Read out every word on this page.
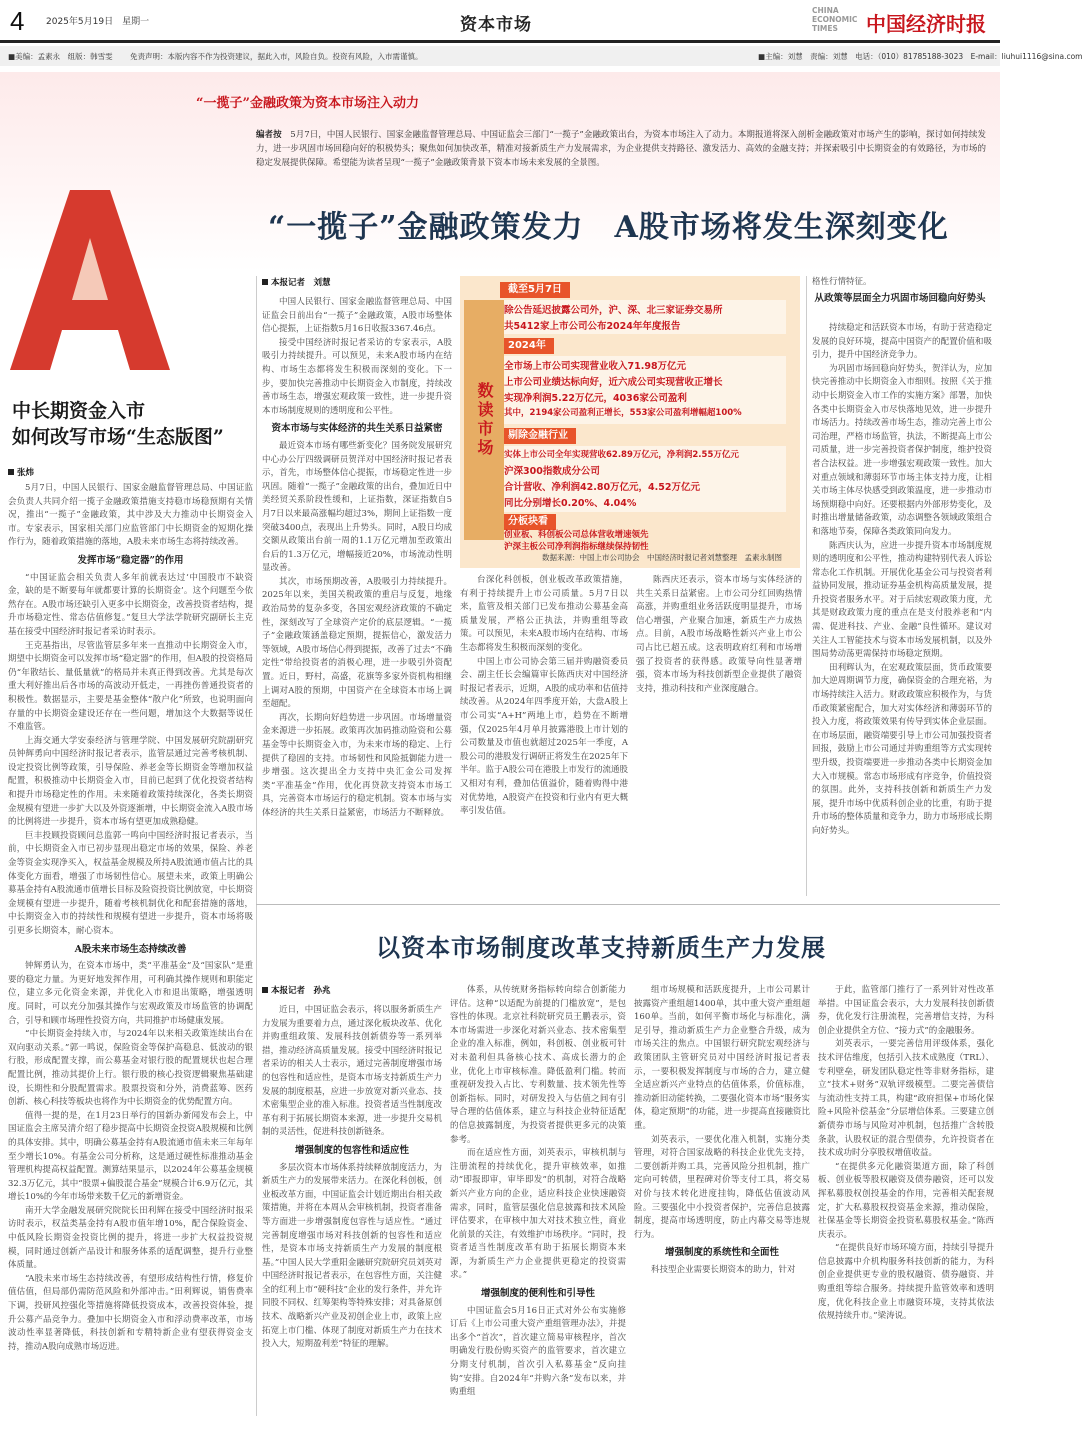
4 2025年5月19日　星期一	资本市场
CHINA ECONOMIC TIMES	中国经济时报
■美编：孟素永　组版：韩雪雯 免责声明：本版内容不作为投资建议，据此入市，风险自负。投资有风险，入市需谨慎。	■主编：刘慧　责编：刘慧　电话：（010）81785188-3023　E-mail：liuhui1116@sina.com
“一揽子”金融政策为资本市场注入动力
编者按　 5月7日，中国人民银行、国家金融监督管理总局、中国证监会三部门“一揽子”金融政策出台，为资本市场注入了动力。本期报道将深入剖析金融政策对市场产生的影响，探讨如何持续发力，进一步巩固市场回稳向好的积极势头；聚焦如何加快改革，精准对接新质生产力发展需求，为企业提供支持路径、激发活力、高效的金融支持；并探索吸引中长期资金的有效路径，为市场的稳定发展提供保障。希望能为读者呈现“一揽子”金融政策背景下资本市场未来发展的全景图。
“一揽子”金融政策发力　A股市场将发生深刻变化
中长期资金入市
如何改写市场“生态版图”
张炜

5月7日，中国人民银行、国家金融监督管理总局、中国证监会负责人共同介绍一揽子金融政策措施支持稳市场稳预期有关情况，推出“一揽子”金融政策，其中涉及大力推动中长期资金入市。专家表示，国家相关部门应监管部门中长期资金的短期化操作行为，随着政策措施的落地，A股未来市场生态将持续改善。

发挥市场“稳定器”的作用

“中国证监会相关负责人多年前就表达过‘中国股市不缺资金，缺的是不断要每年就都要计算的长期资金’。这个问题至今依然存在。A股市场还缺引入更多中长期资金，改善投资者结构，提升市场稳定性、常态估值修复。”复旦大学法学院研究副研长主克基在接受中国经济时报记者采访时表示。

王克基指出，尽管监管层多年来一直推动中长期资金入市，期望中长期资金可以发挥市场“稳定器”的作用，但A股的投资格局仍“年散结长、量低量就”的格局并未真正得到改善。尤其是每次重大利好推出后各市场的高波动开低走，一再挫伤普通投资者的积极性。数据显示，主要是基金整体“散户化”所致，也说明面向存量的中长期资金建设还存在一些问题，增加这个大数据等说任不难监管。

上海交通大学安泰经济与管理学院、中国发展研究院副研究员钟辉勇向中国经济时报记者表示，监管层通过完善考核机制、设定投资比例等政策，引导保险、养老金等长期资金等增加权益配置，积极推动中长期资金入市，目前已起到了优化投资者结构和提升市场稳定性的作用。未来随着政策持续深化，各类长期资金规模有望进一步扩大以及外资逐渐增，中长期资金流入A股市场的比例将进一步提升，资本市场有望更加成熟稳健。

巨丰投顾投资顾问总监郭一鸣向中国经济时报记者表示，当前，中长期资金入市已初步显现出稳定市场的效果，保险、养老金等资金实现净买入，权益基金规模及所持A股流通市值占比的具体变化方面看，增强了市场韧性信心。展望未来，政策上明确公募基金持有A股流通市值增长目标及险资投资比例放宽，中长期资金规模有望进一步提升，随着考核机制优化和配套措施的落地，中长期资金入市的持续性和规模有望进一步提升，资本市场将吸引更多长期资本，耐心资本。

A股未来市场生态持续改善

钟辉勇认为，在资本市场中，类“平准基金”及“国家队”是重要的稳定力量。为更好地发挥作用，可利确其操作规则和职能定位，建立多元化资金来源，并优化入市和退出策略，增强透明度。同时，可以充分加强其操作与宏观政策及市场监管的协调配合，引导和顾市场理性投资方向，共同推护市场健康发展。

“中长期资金持续入市，与2024年以来相关政策连续出台在双向驱动关系。”郭一鸣说，保险资金等保护高稳息、低波动的银行股，形成配置支撑，而公募基金对银行股的配置规状也起合理配置比例，推动其提价上行。银行股的核心投资逻辑聚焦基础建设，长期性和分股配置需求。股票投资和分外，消费蓝筹、医药创新、核心科技等板块也将作为中长期资金的优势配置方向。

值得一提的是，在1月23日举行的国新办新闻发布会上，中国证监会主席吴清介绍了稳步提高中长期资金投资A股规模和比例的具体安排。其中，明确公募基金持有A股流通市值未来三年每年至少增长10%。有基金公司分析称，这是通过硬性标准推动基金管理机构提高权益配置。测算结果显示，以2024年公募基金规模32.3万亿元，其中“股票+偏股混合基金”规模合计6.9万亿元，其增长10%的今年市场带来数千亿元的新增资金。

南开大学金融发展研究院院长田利辉在接受中国经济时报采访时表示，权益类基金持有A股市值年增10%，配合保险资金、中低风险长期资金投资比例的提升，将进一步扩大权益投资规模，同时通过创新产品设计和服务体系的适配调整，提升行业整体质量。

“A股未来市场生态持续改善，有望形成结构性行情，修复价值估值，但局部仍需防范风险和外部冲击。”田利辉说，销售费率下调，投研风控强化等措施将降低投资成本，改善投资体验，提升公募产品竞争力。叠加中长期资金入市和浮动费率改革，市场波动性率显著降低，科技创新和专精特新企业有望获得资金支持，推动A股向成熟市场迈进。

本报记者　刘慧

中国人民银行、国家金融监督管理总局、中国证监会日前出台“一揽子”金融政策，A股市场整体信心提振，上证指数5月16日收报3367.46点。

接受中国经济时报记者采访的专家表示，A股吸引力持续提升。可以预见，未来A股市场内在结构、市场生态都将发生积极而深刻的变化。下一步，要加快完善推动中长期资金入市制度，持续改善市场生态，增强宏观政策一致性，进一步提升资本市场制度规则的透明度和公平性。

资本市场与实体经济的共生关系日益紧密

最近资本市场有哪些新变化？国务院发展研究中心办公厅四级调研员贺洋对中国经济时报记者表示，首先，市场整体信心提振，市场稳定性进一步巩固。随着“一揽子”金融政策的出台，叠加近日中美经贸关系阶段性缓和，上证指数，深证指数自5月7日以来最高涨幅均超过3%，期间上证指数一度突破3400点，表现出上升势头。同时，A股日均成交额从政策出台前一周的1.1万亿元增加至政策出台后的1.3万亿元，增幅接近20%，市场流动性明显改善。

其次，市场预期改善，A股吸引力持续提升。2025年以来，美国关税政策的重启与反复，地缘政治局势的复杂多变，各国宏观经济政策的不确定性，深刻改写了全球资产定价的底层逻辑。“一揽子”金融政策涵盖稳定预期，提振信心，激发活力等领域，A股市场信心得到提振，改善了过去“不确定性”带给投资者的消极心理，进一步吸引外资配置。近日，野村，高盛，花旗等多家外资机构相继上调对A股的预期，中国资产在全球资本市场上调至超配。

再次，长期向好趋势进一步巩固。市场增量资金来源进一步拓展。政策再次加码推动险资和公募基金等中长期资金入市，为未来市场的稳定、上行提供了稳固的支持。市场韧性和风险抵御能力进一步增强。这次提出全力支持中央汇金公司发挥类“平准基金”作用，优化再贷款支持资本市场工具，完善资本市场运行的稳定机制。资本市场与实体经济的共生关系日益紧密，市场活力不断释放。

台深化科创板，创业板改革政策措施，有利于持续提升上市公司质量。5月7日以来，监管及相关部门已发布推动公募基金高质量发展，严格公正执法，并购重组等政策。可以预见，未来A股市场内在结构、市场生态都将发生积极而深刻的变化。

中国上市公司协会第三届并购融资委员会、副主任长会编篇审长陈西庆对中国经济时报记者表示，近期，A股的成功率和估值持续改善。从2024年四季度开始，大盘A股上市公司实“A+H”两地上市，趋势在不断增强，仅2025年4月单月披露港股上市计划的公司数量及市值也就超过2025年一季度，A股公司的港股发行调研正将发生在2025年下半年。监于A股公司在港股上市发行的流通股又相对有利，叠加估值溢价，随着购得中港对优势地，A股资产在投资和行业内有更大概率引发估值。

陈西庆还表示，资本市场与实体经济的共生关系日益紧密。上市公司分红回购热情高涨，并购重组业务活跃度明显提升，市场信心增强，产业聚合加速，新质生产力成热点。目前，A股市场战略性新兴产业上市公司占比已超五成。这表明政府红利和市场增强了投资者的获得感。政策导向性显著增强，资本市场为科技创新型企业提供了融资支持，推动科技和产业深度融合。

截至5月7日
除公告延迟披露公司外，沪、深、北三家证券交易所
共5412家上市公司公布2024年年度报告
2024年
全市场上市公司实现营业收入71.98万亿元
上市公司业绩达标向好，近六成公司实现营收正增长
实现净利润5.22万亿元，4036家公司盈利
其中，2194家公司盈利正增长，553家公司盈利增幅超100%
剔除金融行业
实体上市公司全年实现营收62.89万亿元，净利润2.55万亿元
沪深300指数成分公司
合计营收、净利润42.80万亿元，4.52万亿元
同比分别增长0.20%、4.04%
分板块看
创业板、科创板公司总体营收增速领先
沪深主板公司净利润指标继续保持韧性
数据来源：中国上市公司协会　中国经济时报记者刘慧整理　孟素永制图
数读市场
格性行情特征。
从政策等层面全力巩固市场回稳向好势头

持续稳定和活跃资本市场，有助于营造稳定发展的良好环境，提高中国资产的配置价值和吸引力，提升中国经济竞争力。

为巩固市场回稳向好势头，贺洋认为，应加快完善推动中长期资金入市细则。按照《关于推动中长期资金入市工作的实施方案》部署，加快各类中长期资金入市尽快落地见效，进一步提升市场活力。持续改善市场生态，推动完善上市公司治理，严格市场监管，执法，不断提高上市公司质量，进一步完善投资者保护制度，维护投资者合法权益。进一步增强宏观政策一致性。加大对重点领域和薄弱环节市场主体支持力度，让相关市场主体尽快感受到政策温度，进一步推动市场预期稳中向好。还要根据内外部形势变化，及时推出增量储备政策，动态调整各领域政策组合和落地节奏，保障各类政策同向发力。

陈西庆认为，应进一步提升资本市场制度规则的透明度和公平性，推动构建特别代表人诉讼常态化工作机制。开展优化基金公司与投资者利益协同发展，推动证券基金机构高质量发展，提升投资者服务水平。对于后续宏观政策力度，尤其是财政政策力度的重点在是支付股养老和“内需、促进科技、产业、金融”良性循环。建议对关注人工智能技术与资本市场发展机制，以及外围局势动荡更需保持市场稳定预期。

田利辉认为，在宏观政策层面，货币政策要加大逆周期调节力度，确保资金的合理充裕，为市场持续注入活力。财政政策应积极作为，与货币政策紧密配合，加大对实体经济和薄弱环节的投入力度，将政策效果有传导到实体企业层面。在市场层面，融资端要引导上市公司加强投资者回报，鼓励上市公司通过并购重组等方式实现转型升级，投资端要进一步推动各类中长期资金加大入市规模。常态市场形成有序竞争，价值投资的氛围。此外，支持科技创新和新质生产力发展，提升市场中优质科创企业的比重，有助于提升市场的整体质量和竞争力，助力市场形成长期向好势头。

以资本市场制度改革支持新质生产力发展
本报记者　孙兆

近日，中国证监会表示，将以服务新质生产力发展为重要着力点，通过深化板块改革、优化并购重组政策、发展科技创新债券等一系列举措，推动经济高质量发展。接受中国经济时报记者采访的相关人士表示，通过完善制度增强市场的包容性和适应性，是资本市场支持新质生产力发展的制度根基，应进一步放宽对新兴业态、技术密集型企业的准入标准。投资者适当性制度改革有利于拓展长期资本来源，进一步提升交易机制的灵活性，促进科技创新链条。

增强制度的包容性和适应性

多层次资本市场体系持续释放制度活力，为新质生产力的发展带来活力。在深化科创板，创业板改革方面，中国证监会计划近期出台相关政策措施，并将在本周从会审核机制，投资者准备等方面进一步增强制度包容性与适应性。“通过完善制度增强市场对科技创新的包容性和适应性，是资本市场支持新质生产力发展的制度根基。”中国人民大学重阳金融研究院研究员刘英对中国经济时报记者表示，在包容性方面，关注健全的红利上市“硬科技”企业的发行条件，并允许同股不同权、红筹架构等特殊安排；对具备原创技术、战略新兴产业及初创企业上市，政策上应拓宽上市门槛、体现了制度对新质生产力在技术投入大，短期盈利差”特征的理解。

体系，从传统财务指标转向综合创新能力评估。这种“以适配为前提的门槛放宽”，是包容性的体现。北京社科院研究员王鹏表示，资本市场需进一步深化对新兴业态、技术密集型企业的准入标准，例如，科创板、创业板可针对未盈利但具备核心技术、高成长潜力的企业，优化上市审核标准。降低盈利门槛。转而重视研发投入占比、专利数量、技术领先性等创新指标。同时，对研发投入与估值之间有引导合理的估值体系，建立与科技企业特征适配的信息披露制度，为投资者提供更多元的决策参考。

而在适应性方面，刘英表示，审核机制与注册流程的持续优化，提升审核效率，如推动“即报即审，审毕即发”的机制，对符合战略新兴产业方向的企业，适应科技企业快速融资需求，同时，监管层强化信息披露和技术风险评估要求，在审核中加大对技术独立性，商业化前景的关注，有效维护市场秩序。“同时，投资者适当性制度改革有助于拓展长期资本来源，为新质生产力企业提供更稳定的投资需求。”

增强制度的便利性和引导性

中国证监会5月16日正式对外公布实施修订后《上市公司重大资产重组管理办法》，并提出多个“首次”，首次建立简易审核程序，首次明确发行股份购买资产的监管要求，首次建立分期支付机制，首次引入私募基金“反向挂钩”安排。自2024年“并购六条”发布以来，并购重组

组市场规模和活跃度提升，上市公司累计披露资产重组超1400单，其中重大资产重组超160单。当前，如何平衡市场化与标准化，满足引导，推动新质生产力企业整合升级，成为市场关注的焦点。中国银行研究院宏观经济与政策团队主管研究员对中国经济时报记者表示，一要积极发挥制度与市场的合力，建立健全适应新兴产业特点的估值体系，价值标准，推动新旧动能转换，二要强化资本市场“服务实体，稳定预期”的功能，进一步提高直接融资比重。

刘英表示，一要优化准入机制，实施分类管理，对符合国家战略的科技企业优先支持，二要创新并购工具，完善风险分担机制，推广定向可转债，里程碑对价等支付工具，将交易对价与技术转化进度挂钩，降低估值波动风险。三要强化中小投资者保护，完善信息披露制度，提高市场透明度，防止内幕交易等违规行为。

增强制度的系统性和全面性

科技型企业需要长期资本的助力，针对

于此，监管部门推行了一系列针对性改革举措。中国证监会表示，大力发展科技创新债券，优化发行注册流程，完善增信支持，为科创企业提供全方位、“接力式”的金融服务。

刘英表示，一要完善信用评级体系，强化技术评估维度，包括引入技术成熟度（TRL）、专利壁垒，研发团队稳定性等非财务指标，建立“技术+财务”双轨评级模型。二要完善债信与流动性支持工具，构建“政府担保+市场化保险+风险补偿基金”分层增信体系。三要建立创新债券市场与风险对冲机制，包括推广含转股条款，认股权证的混合型债券，允许投资者在技术成功时分享股权增值收益。

“在提供多元化融资渠道方面，除了科创板、创业板等股权融资及债券融资，还可以发挥私募股权创投基金的作用，完善相关配套规定，扩大私募股权投资基金来源，推动保险，社保基金等长期资金投资私募股权基金。”陈西庆表示。

“在提供良好市场环境方面，持续引导提升信息披露中介机构服务科技创新的能力，为科创企业提供更专业的股权融资、债券融资、并购重组等综合服务。持续提升监管效率和透明度，优化科技企业上市融资环境，支持其依法依规持续升市。”梁涛说。
